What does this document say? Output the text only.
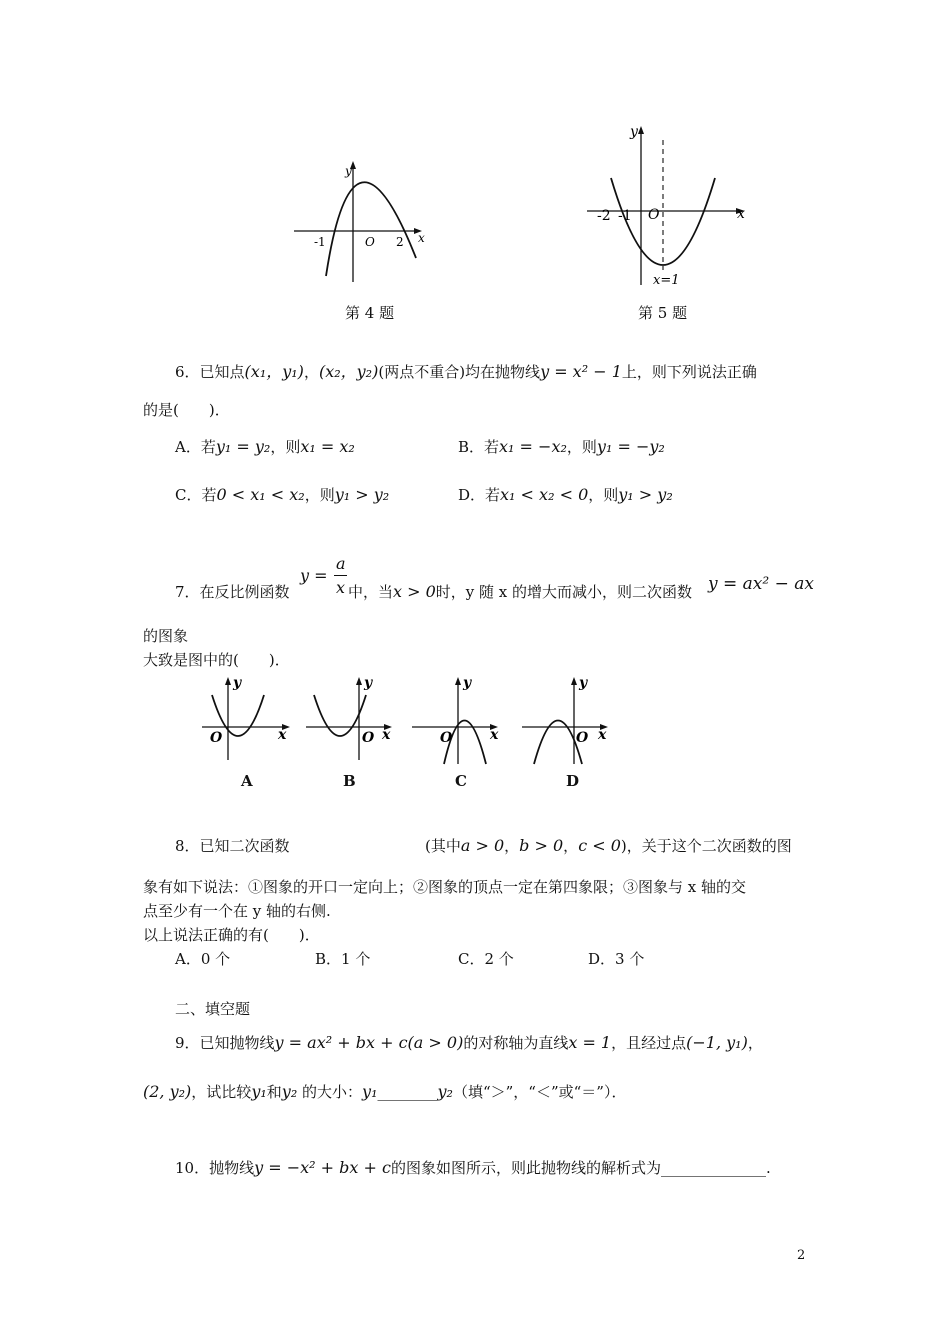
y
x
O
-1	2
第 4 题
y
x
O
-2 -1
x=1
第 5 题
6．已知点(x₁，y₁)，(x₂，y₂)(两点不重合)均在抛物线y = x² − 1上，则下列说法正确
的是(　　)．
A．若y₁ = y₂，则x₁ = x₂	B．若x₁ = −x₂，则y₁ = −y₂
C．若0 < x₁ < x₂，则y₁ > y₂	D．若x₁ < x₂ < 0，则y₁ > y₂
7．在反比例函数
y =
a
x 中，当x > 0时，y 随 x 的增大而减小，则二次函数 y = ax² − ax
的图象
大致是图中的(　　)．
y
x
O
A
y
x
O
B
y
x
O
C
y
x
O
D
8．已知二次函数	(其中a > 0，b > 0，c < 0)，关于这个二次函数的图
象有如下说法：①图象的开口一定向上；②图象的顶点一定在第四象限；③图象与 x 轴的交
点至少有一个在 y 轴的右侧.
以上说法正确的有(　　)．
A．0 个	B．1 个	C．2 个	D．3 个
二、填空题
9．已知抛物线y = ax² + bx + c(a > 0)的对称轴为直线x = 1，且经过点(−1, y₁)，
(2, y₂)，试比较y₁和y₂ 的大小：y₁________y₂（填“＞”，“＜”或“＝”）．
10．抛物线y = −x² + bx + c的图象如图所示，则此抛物线的解析式为______________.
2
